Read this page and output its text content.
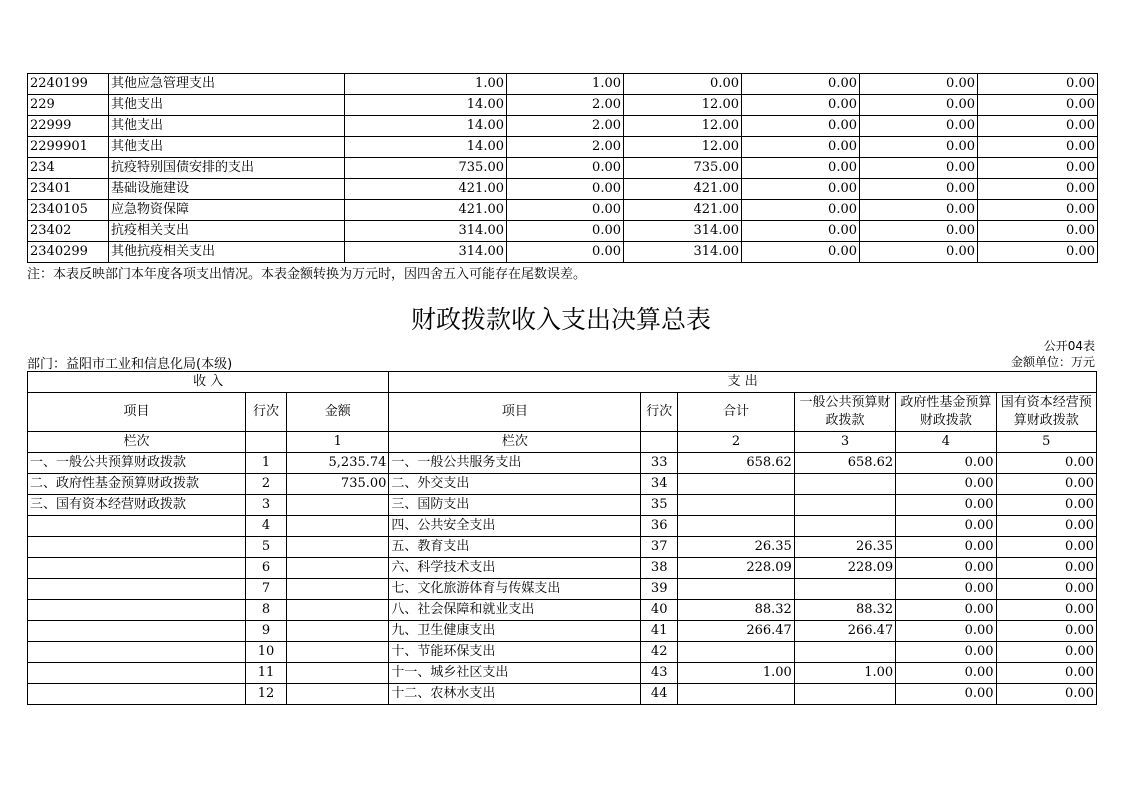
2240199	其他应急管理支出	1.00	1.00	0.00	0.00	0.00	0.00
229	其他支出	14.00	2.00	12.00	0.00	0.00	0.00
22999	其他支出	14.00	2.00	12.00	0.00	0.00	0.00
2299901	其他支出	14.00	2.00	12.00	0.00	0.00	0.00
234	抗疫特别国债安排的支出	735.00	0.00	735.00	0.00	0.00	0.00
23401	基础设施建设	421.00	0.00	421.00	0.00	0.00	0.00
2340105	应急物资保障	421.00	0.00	421.00	0.00	0.00	0.00
23402	抗疫相关支出	314.00	0.00	314.00	0.00	0.00	0.00
2340299	其他抗疫相关支出	314.00	0.00	314.00	0.00	0.00	0.00
注：本表反映部门本年度各项支出情况。本表金额转换为万元时，因四舍五入可能存在尾数误差。
财政拨款收入支出决算总表
公开04表
部门：益阳市工业和信息化局(本级)	金额单位：万元
收 入			支 出					
项目	行次	金额	项目	行次	合计	一般公共预算财政拨款	政府性基金预算财政拨款	国有资本经营预算财政拨款
栏次		1	栏次		2	3	4	5
一、一般公共预算财政拨款	1	5,235.74	一、一般公共服务支出	33	658.62	658.62	0.00	0.00
二、政府性基金预算财政拨款	2	735.00	二、外交支出	34			0.00	0.00
三、国有资本经营财政拨款	3		三、国防支出	35			0.00	0.00
	4		四、公共安全支出	36			0.00	0.00
	5		五、教育支出	37	26.35	26.35	0.00	0.00
	6		六、科学技术支出	38	228.09	228.09	0.00	0.00
	7		七、文化旅游体育与传媒支出	39			0.00	0.00
	8		八、社会保障和就业支出	40	88.32	88.32	0.00	0.00
	9		九、卫生健康支出	41	266.47	266.47	0.00	0.00
	10		十、节能环保支出	42			0.00	0.00
	11		十一、城乡社区支出	43	1.00	1.00	0.00	0.00
	12		十二、农林水支出	44			0.00	0.00
